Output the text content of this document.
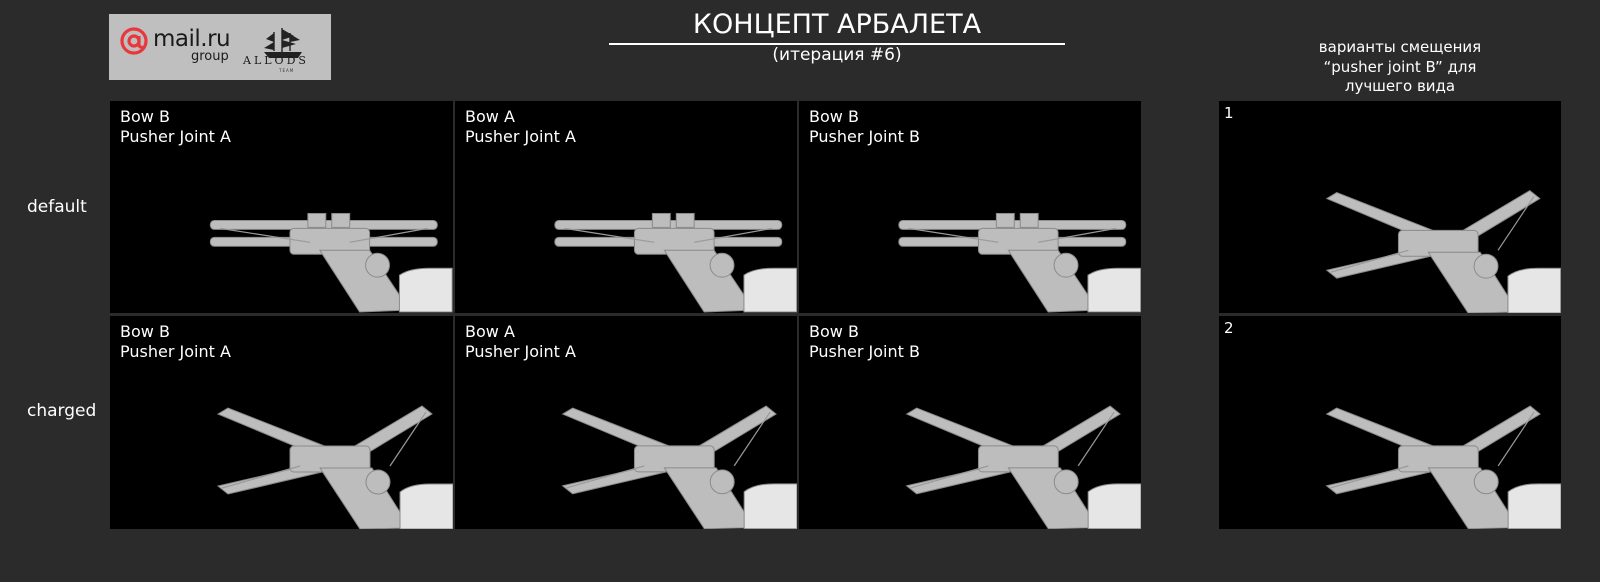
mail.ru
group ALLODS
TEAM
КОНЦЕПТ АРБАЛЕТА
(итерация #6)	варианты смещения “pusher joint B” для лучшего вида
default
charged
Bow B
Pusher Joint A
Bow A
Pusher Joint A
Bow B
Pusher Joint B
Bow B
Pusher Joint A
Bow A
Pusher Joint A
Bow B
Pusher Joint B
1
2
